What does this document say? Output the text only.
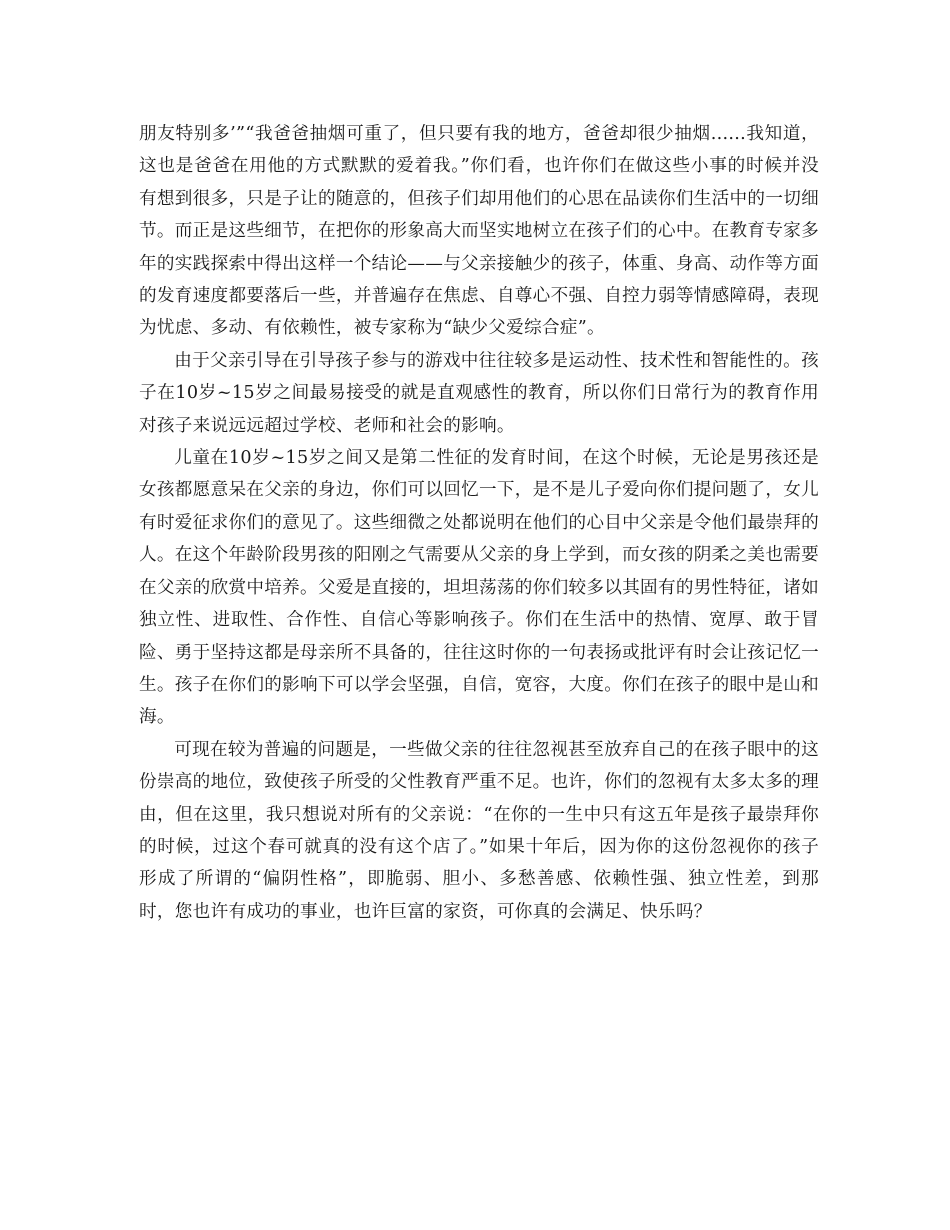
朋友特别多’”“我爸爸抽烟可重了，但只要有我的地方，爸爸却很少抽烟......我知道，这也是爸爸在用他的方式默默的爱着我。”你们看，也许你们在做这些小事的时候并没有想到很多，只是子让的随意的，但孩子们却用他们的心思在品读你们生活中的一切细节。而正是这些细节，在把你的形象高大而坚实地树立在孩子们的心中。在教育专家多年的实践探索中得出这样一个结论——与父亲接触少的孩子，体重、身高、动作等方面的发育速度都要落后一些，并普遍存在焦虑、自尊心不强、自控力弱等情感障碍，表现为忧虑、多动、有依赖性，被专家称为“缺少父爱综合症”。

由于父亲引导在引导孩子参与的游戏中往往较多是运动性、技术性和智能性的。孩子在10岁~15岁之间最易接受的就是直观感性的教育，所以你们日常行为的教育作用对孩子来说远远超过学校、老师和社会的影响。

儿童在10岁~15岁之间又是第二性征的发育时间，在这个时候，无论是男孩还是女孩都愿意呆在父亲的身边，你们可以回忆一下，是不是儿子爱向你们提问题了，女儿有时爱征求你们的意见了。这些细微之处都说明在他们的心目中父亲是令他们最崇拜的人。在这个年龄阶段男孩的阳刚之气需要从父亲的身上学到，而女孩的阴柔之美也需要在父亲的欣赏中培养。父爱是直接的，坦坦荡荡的你们较多以其固有的男性特征，诸如独立性、进取性、合作性、自信心等影响孩子。你们在生活中的热情、宽厚、敢于冒险、勇于坚持这都是母亲所不具备的，往往这时你的一句表扬或批评有时会让孩记忆一生。孩子在你们的影响下可以学会坚强，自信，宽容，大度。你们在孩子的眼中是山和海。

可现在较为普遍的问题是，一些做父亲的往往忽视甚至放弃自己的在孩子眼中的这份崇高的地位，致使孩子所受的父性教育严重不足。也许，你们的忽视有太多太多的理由，但在这里，我只想说对所有的父亲说：“在你的一生中只有这五年是孩子最崇拜你的时候，过这个春可就真的没有这个店了。”如果十年后，因为你的这份忽视你的孩子形成了所谓的“偏阴性格”，即脆弱、胆小、多愁善感、依赖性强、独立性差，到那时，您也许有成功的事业，也许巨富的家资，可你真的会满足、快乐吗？
